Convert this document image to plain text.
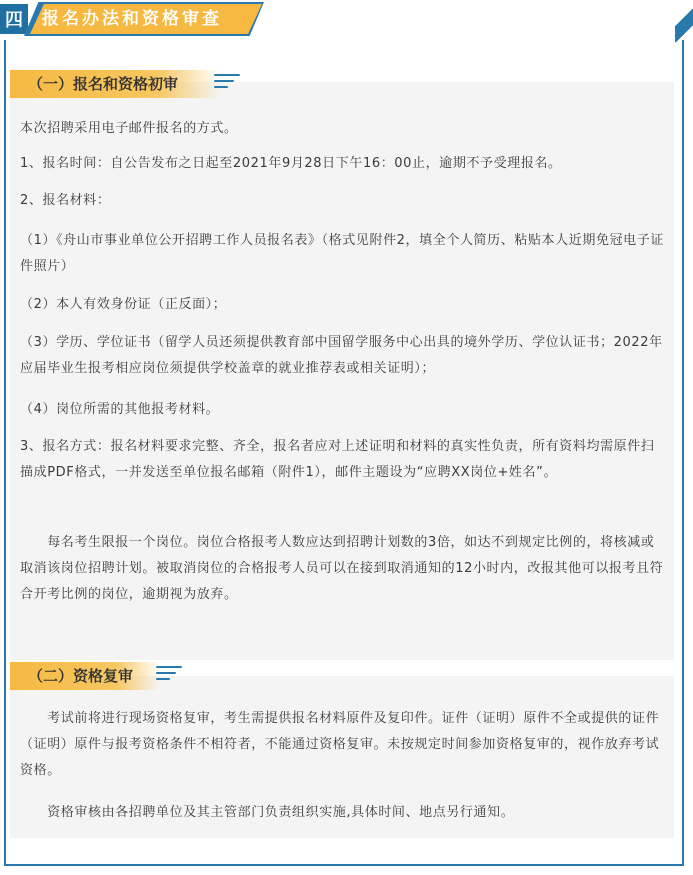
四 报名办法和资格审查
（一）报名和资格初审

本次招聘采用电子邮件报名的方式。

1、报名时间：自公告发布之日起至2021年9月28日下午16：00止，逾期不予受理报名。

2、报名材料：

（1）《舟山市事业单位公开招聘工作人员报名表》（格式见附件2，填全个人简历、粘贴本人近期免冠电子证件照片）

（2）本人有效身份证（正反面）；

（3）学历、学位证书（留学人员还须提供教育部中国留学服务中心出具的境外学历、学位认证书；2022年应届毕业生报考相应岗位须提供学校盖章的就业推荐表或相关证明）；

（4）岗位所需的其他报考材料。

3、报名方式：报名材料要求完整、齐全，报名者应对上述证明和材料的真实性负责，所有资料均需原件扫描成PDF格式，一并发送至单位报名邮箱（附件1），邮件主题设为“应聘XX岗位+姓名”。

　　每名考生限报一个岗位。岗位合格报考人数应达到招聘计划数的3倍，如达不到规定比例的，将核减或取消该岗位招聘计划。被取消岗位的合格报考人员可以在接到取消通知的12小时内，改报其他可以报考且符合开考比例的岗位，逾期视为放弃。

（二）资格复审

　　考试前将进行现场资格复审，考生需提供报名材料原件及复印件。证件（证明）原件不全或提供的证件（证明）原件与报考资格条件不相符者，不能通过资格复审。未按规定时间参加资格复审的，视作放弃考试资格。

　　资格审核由各招聘单位及其主管部门负责组织实施,具体时间、地点另行通知。
